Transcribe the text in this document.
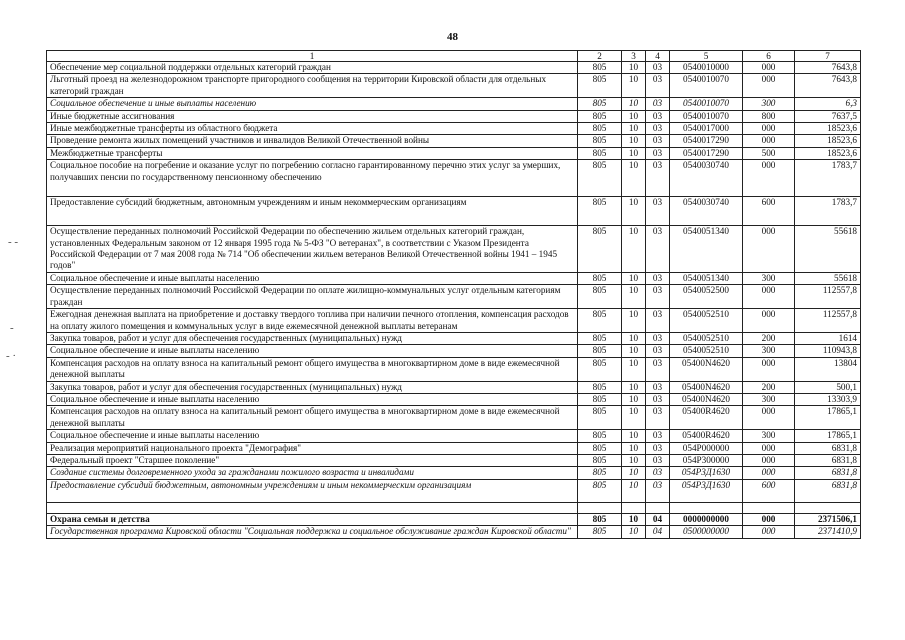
48
- ‑
-
‑ ·
1	2	3	4	5	6	7
Обеспечение мер социальной поддержки отдельных категорий граждан	805	10	03	0540010000	000	7643,8
Льготный проезд на железнодорожном транспорте пригородного сообщения на территории Кировской области для отдельных категорий граждан	805	10	03	0540010070	000	7643,8
Социальное обеспечение и иные выплаты населению	805	10	03	0540010070	300	6,3
Иные бюджетные ассигнования	805	10	03	0540010070	800	7637,5
Иные межбюджетные трансферты из областного бюджета	805	10	03	0540017000	000	18523,6
Проведение ремонта жилых помещений участников и инвалидов Великой Отечественной войны	805	10	03	0540017290	000	18523,6
Межбюджетные трансферты	805	10	03	0540017290	500	18523,6
Социальное пособие на погребение и оказание услуг по погребению согласно гарантированному перечню этих услуг за умерших, получавших пенсии по государственному пенсионному обеспечению	805	10	03	0540030740	000	1783,7
Предоставление субсидий бюджетным, автономным учреждениям и иным некоммерческим организациям	805	10	03	0540030740	600	1783,7
Осуществление переданных полномочий Российской Федерации по обеспечению жильем отдельных категорий граждан, установленных Федеральным законом от 12 января 1995 года № 5-ФЗ "О ветеранах", в соответствии с Указом Президента Российской Федерации от 7 мая 2008 года № 714 "Об обеспечении жильем ветеранов Великой Отечественной войны 1941 – 1945 годов"	805	10	03	0540051340	000	55618
Социальное обеспечение и иные выплаты населению	805	10	03	0540051340	300	55618
Осуществление переданных полномочий Российской Федерации по оплате жилищно-коммунальных услуг отдельным категориям граждан	805	10	03	0540052500	000	112557,8
Ежегодная денежная выплата на приобретение и доставку твердого топлива при наличии печного отопления, компенсация расходов на оплату жилого помещения и коммунальных услуг в виде ежемесячной денежной выплаты ветеранам	805	10	03	0540052510	000	112557,8
Закупка товаров, работ и услуг для обеспечения государственных (муниципальных) нужд	805	10	03	0540052510	200	1614
Социальное обеспечение и иные выплаты населению	805	10	03	0540052510	300	110943,8
Компенсация расходов на оплату взноса на капитальный ремонт общего имущества в многоквартирном доме в виде ежемесячной денежной выплаты	805	10	03	05400N4620	000	13804
Закупка товаров, работ и услуг для обеспечения государственных (муниципальных) нужд	805	10	03	05400N4620	200	500,1
Социальное обеспечение и иные выплаты населению	805	10	03	05400N4620	300	13303,9
Компенсация расходов на оплату взноса на капитальный ремонт общего имущества в многоквартирном доме в виде ежемесячной денежной выплаты	805	10	03	05400R4620	000	17865,1
Социальное обеспечение и иные выплаты населению	805	10	03	05400R4620	300	17865,1
Реализация мероприятий национального проекта "Демография"	805	10	03	054P000000	000	6831,8
Федеральный проект "Старшее поколение"	805	10	03	054P300000	000	6831,8
Создание системы долговременного ухода за гражданами пожилого возраста и инвалидами	805	10	03	054P3Д1630	000	6831,8
Предоставление субсидий бюджетным, автономным учреждениям и иным некоммерческим организациям	805	10	03	054P3Д1630	600	6831,8

Охрана семьи и детства	805	10	04	0000000000	000	2371506,1
Государственная программа Кировской области "Социальная поддержка и социальное обслуживание граждан Кировской области"	805	10	04	0500000000	000	2371410,9
